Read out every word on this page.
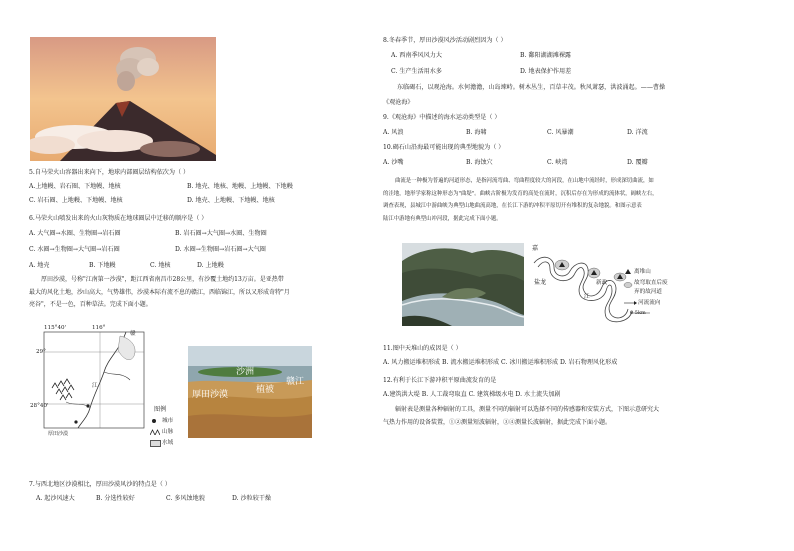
5.自马荣火山容器出来向下，地球内部圈层结构依次为（ ）
A.上地幔、岩石圈、下地幔、地核	B. 地壳、地核、地幔、上地幔、下地幔
C. 岩石圈、上地幔、下地幔、地核	D. 地壳、上地幔、下地幔、地核
6.马荣火山喷发出来的火山灰物质在地球圈层中迁移的顺序是（ ）
A. 大气圈→水圈、生物圈→岩石圈	B. 岩石圈→大气圈→水圈、生物圈
C. 水圈→生物圈→大气圈→岩石圈	D. 水圈→生物圈→岩石圈→大气圈
A. 地壳	B. 下地幔	C. 地核	D. 上地幔
厚田沙漠，号称"江南第一沙漠"，距江西省南昌市28公里，有沙覆土地约13万亩。是亚热带
最大的风化土地，沙山高大，气势雄伟，沙漠本际有流不息的赣江，西临锦江，所以又形成奇特"月
亮谷"，不是一色，百种草法。完成下面小题。
115°40'	116°
29°
28°40'
赣
江
厚田沙漠
图例
城市
山脉
水域
沙洲
植被
赣江
厚田沙漠
7.与西北地区沙漠相比，厚田沙漠风沙的特点是（ ）
A. 起沙风速大	B. 分选性较好	C. 多风蚀地貌	D. 沙粒较干燥
8.冬春季节，厚田沙漠风沙活动剧烈因为（ ）
A. 西南季风风力大	B. 鄱阳湖湖滩裸露
C. 生产生活用水多	D. 地表保护作用差
东临碣石，以观沧海。水何澹澹，山岛竦峙。树木丛生，百草丰茂。秋风萧瑟，洪波涌起。——曹操
《观沧海》
9.《观沧海》中描述的海水运动类型是（ ）
A. 风浪	B. 海啸	C. 风暴潮	D. 洋流
10.碣石山沿海最可能出现的典型地貌为（ ）
A. 沙嘴	B. 海蚀穴	C. 峡湾	D. 覆瓣
曲流是一种极为普遍的河道形态，是指河流弯曲、弯曲程度较大的河段，在山地中流经时，形成深切曲流，如
的洼地，地形学家称这种形态为"曲堤"。曲峡古阶极为发育的高处在流时，沉积后存在为形成的流体状，阔峡左右，
调查表现，县城江中游曲峡为典型山地曲流高地，在长江下游的冲积平原切开有堆积的复杂地貌。和图示意表
陆江中游地有典型山冲河段，据此完成下面小题。
嘉
盐龙	新政
江
离堆山
故弯取直后废
弃的故河道
河流流向
0 5km
11.图中天堆山的成因是（ ）
A. 风力搬运堆积形成 B. 流水搬运堆积形成 C. 冰川搬运堆积形成 D. 岩石物理风化形成
12.有利于长江下游冲积平原曲流发育的是
A.建筑洪大堤 B. 人工裁弯取直 C. 建筑梯级水电 D. 水土流失加剧
辐射表是测量各种辐射的工具，测量不同的辐射可以选择不同的传感器和安装方式，下图示意研究大
气热力作用的设备装置，①②测量短波辐射，③④测量长波辐射，据此完成下面小题。
